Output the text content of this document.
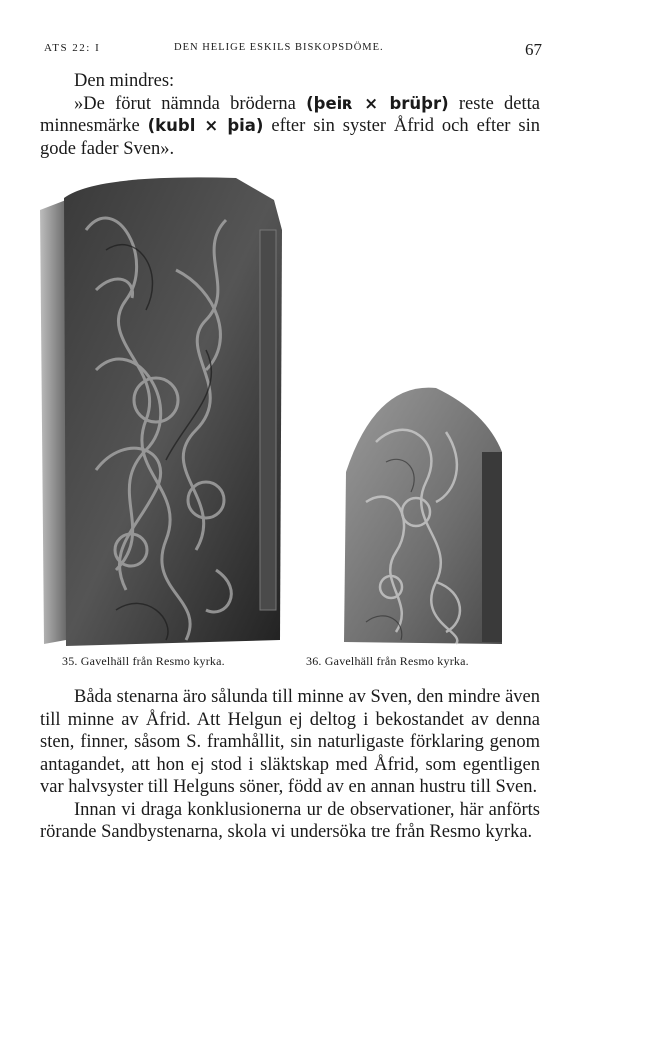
ATS 22: I	DEN HELIGE ESKILS BISKOPSDÖME.	67

Den mindres:

»De förut nämnda bröderna (þeiʀ × brüþr) reste detta minnesmärke (kubl × þia) efter sin syster Åfrid och efter sin gode fader Sven».

35. Gavelhäll från Resmo kyrka.	36. Gavelhäll från Resmo kyrka.

Båda stenarna äro sålunda till minne av Sven, den mindre även till minne av Åfrid. Att Helgun ej deltog i bekostandet av denna sten, finner, såsom S. framhållit, sin naturligaste förklaring genom antagandet, att hon ej stod i släktskap med Åfrid, som egentligen var halvsyster till Helguns söner, född av en annan hustru till Sven.

Innan vi draga konklusionerna ur de observationer, här anförts rörande Sandbystenarna, skola vi undersöka tre från Resmo kyrka.
